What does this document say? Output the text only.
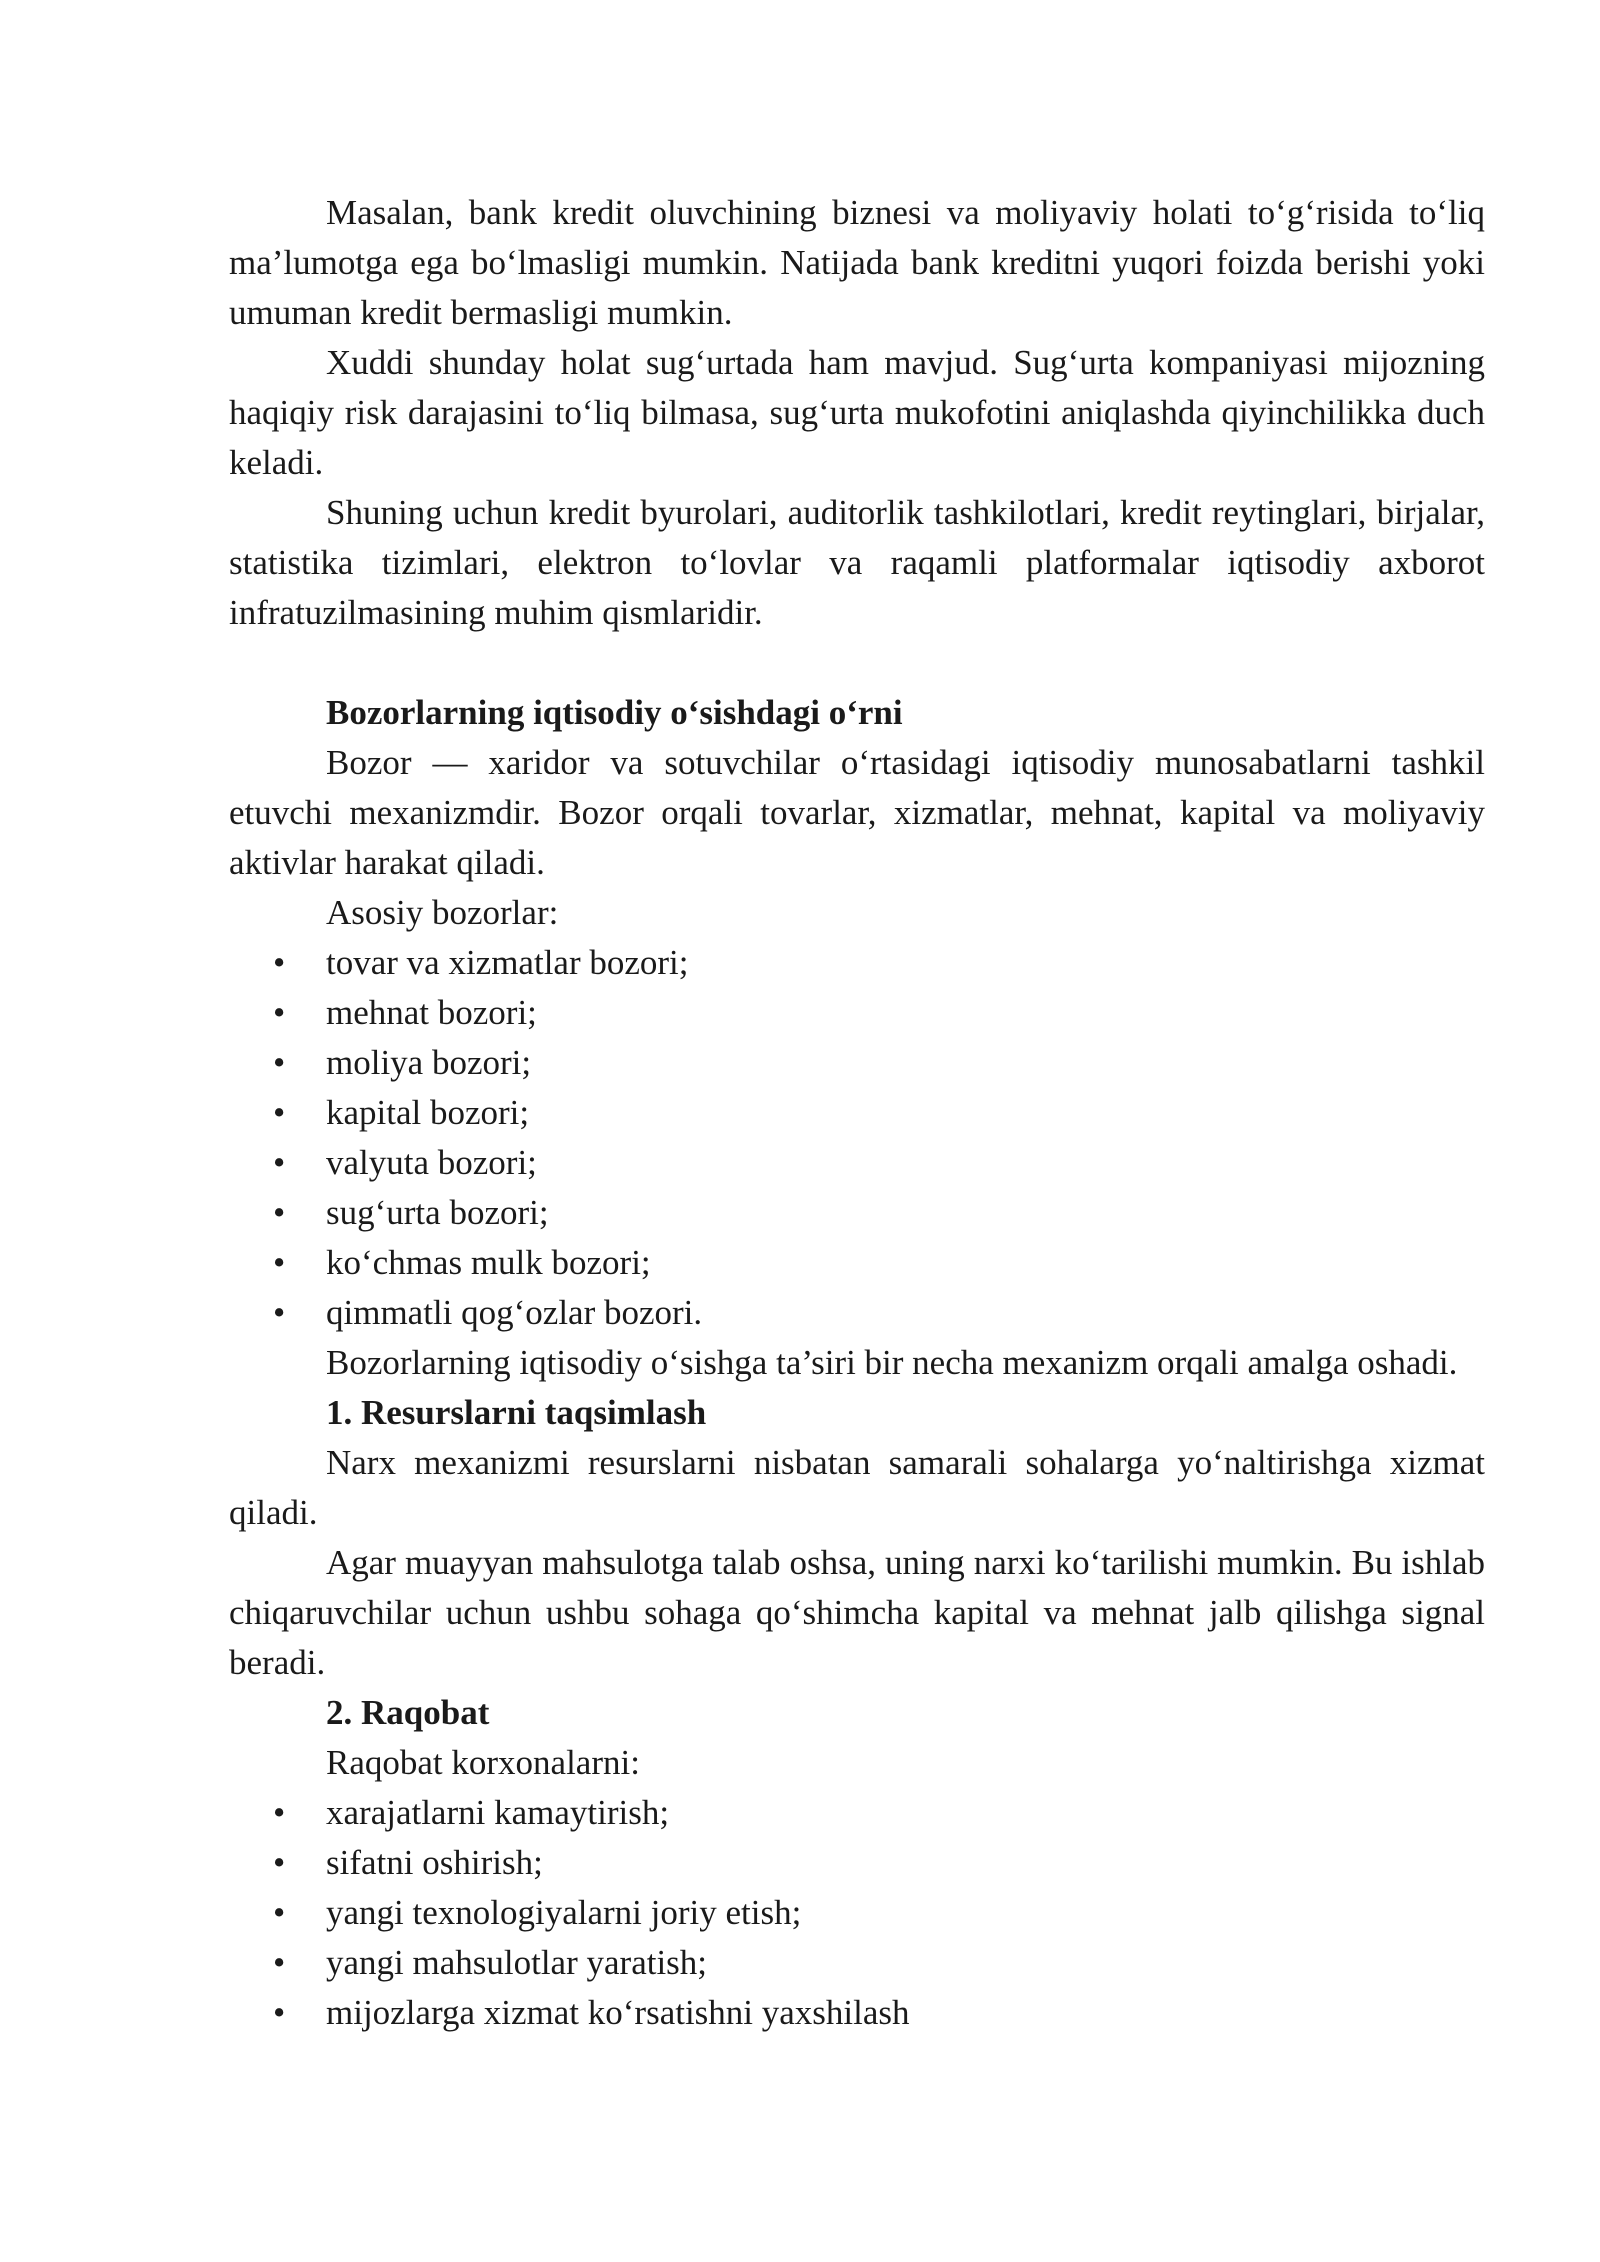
Masalan, bank kredit oluvchining biznesi va moliyaviy holati to‘g‘risida to‘liq ma’lumotga ega bo‘lmasligi mumkin. Natijada bank kreditni yuqori foizda berishi yoki umuman kredit bermasligi mumkin.

Xuddi shunday holat sug‘urtada ham mavjud. Sug‘urta kompaniyasi mijozning haqiqiy risk darajasini to‘liq bilmasa, sug‘urta mukofotini aniqlashda qiyinchilikka duch keladi.

Shuning uchun kredit byurolari, auditorlik tashkilotlari, kredit reytinglari, birjalar, statistika tizimlari, elektron to‘lovlar va raqamli platformalar iqtisodiy axborot infratuzilmasining muhim qismlaridir.

Bozorlarning iqtisodiy o‘sishdagi o‘rni

Bozor — xaridor va sotuvchilar o‘rtasidagi iqtisodiy munosabatlarni tashkil etuvchi mexanizmdir. Bozor orqali tovarlar, xizmatlar, mehnat, kapital va moliyaviy aktivlar harakat qiladi.

Asosiy bozorlar:

• tovar va xizmatlar bozori;
• mehnat bozori;
• moliya bozori;
• kapital bozori;
• valyuta bozori;
• sug‘urta bozori;
• ko‘chmas mulk bozori;
• qimmatli qog‘ozlar bozori.

Bozorlarning iqtisodiy o‘sishga ta’siri bir necha mexanizm orqali amalga oshadi.

1. Resurslarni taqsimlash

Narx mexanizmi resurslarni nisbatan samarali sohalarga yo‘naltirishga xizmat qiladi.

Agar muayyan mahsulotga talab oshsa, uning narxi ko‘tarilishi mumkin. Bu ishlab chiqaruvchilar uchun ushbu sohaga qo‘shimcha kapital va mehnat jalb qilishga signal beradi.

2. Raqobat

Raqobat korxonalarni:

• xarajatlarni kamaytirish;
• sifatni oshirish;
• yangi texnologiyalarni joriy etish;
• yangi mahsulotlar yaratish;
• mijozlarga xizmat ko‘rsatishni yaxshilash
